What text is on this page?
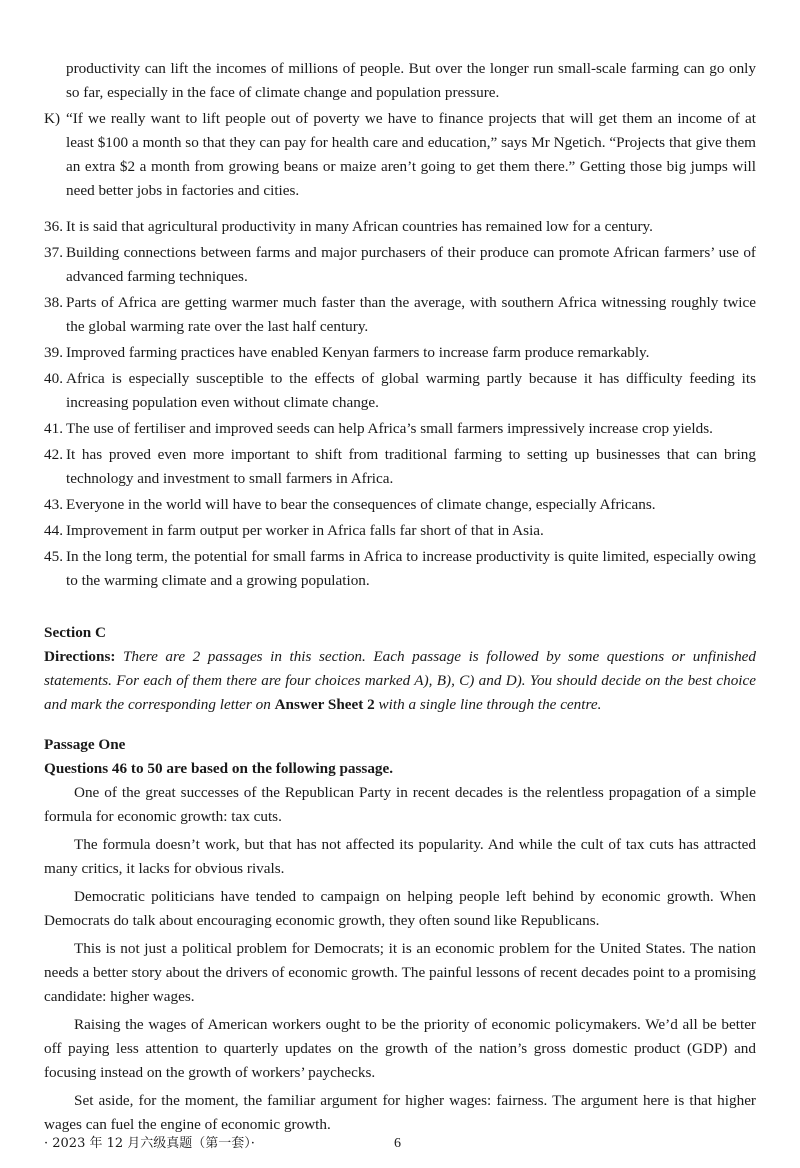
productivity can lift the incomes of millions of people. But over the longer run small-scale farming can go only so far, especially in the face of climate change and population pressure.
K) “If we really want to lift people out of poverty we have to finance projects that will get them an income of at least $100 a month so that they can pay for health care and education,” says Mr Ngetich. “Projects that give them an extra $2 a month from growing beans or maize aren’t going to get them there.” Getting those big jumps will need better jobs in factories and cities.
36. It is said that agricultural productivity in many African countries has remained low for a century.
37. Building connections between farms and major purchasers of their produce can promote African farmers’ use of advanced farming techniques.
38. Parts of Africa are getting warmer much faster than the average, with southern Africa witnessing roughly twice the global warming rate over the last half century.
39. Improved farming practices have enabled Kenyan farmers to increase farm produce remarkably.
40. Africa is especially susceptible to the effects of global warming partly because it has difficulty feeding its increasing population even without climate change.
41. The use of fertiliser and improved seeds can help Africa’s small farmers impressively increase crop yields.
42. It has proved even more important to shift from traditional farming to setting up businesses that can bring technology and investment to small farmers in Africa.
43. Everyone in the world will have to bear the consequences of climate change, especially Africans.
44. Improvement in farm output per worker in Africa falls far short of that in Asia.
45. In the long term, the potential for small farms in Africa to increase productivity is quite limited, especially owing to the warming climate and a growing population.
Section C
Directions: There are 2 passages in this section. Each passage is followed by some questions or unfinished statements. For each of them there are four choices marked A), B), C) and D). You should decide on the best choice and mark the corresponding letter on Answer Sheet 2 with a single line through the centre.
Passage One
Questions 46 to 50 are based on the following passage.

One of the great successes of the Republican Party in recent decades is the relentless propagation of a simple formula for economic growth: tax cuts.

The formula doesn’t work, but that has not affected its popularity. And while the cult of tax cuts has attracted many critics, it lacks for obvious rivals.

Democratic politicians have tended to campaign on helping people left behind by economic growth. When Democrats do talk about encouraging economic growth, they often sound like Republicans.

This is not just a political problem for Democrats; it is an economic problem for the United States. The nation needs a better story about the drivers of economic growth. The painful lessons of recent decades point to a promising candidate: higher wages.

Raising the wages of American workers ought to be the priority of economic policymakers. We’d all be better off paying less attention to quarterly updates on the growth of the nation’s gross domestic product (GDP) and focusing instead on the growth of workers’ paychecks.

Set aside, for the moment, the familiar argument for higher wages: fairness. The argument here is that higher wages can fuel the engine of economic growth.

· 2023 年 12 月六级真题（第一套）·	6
